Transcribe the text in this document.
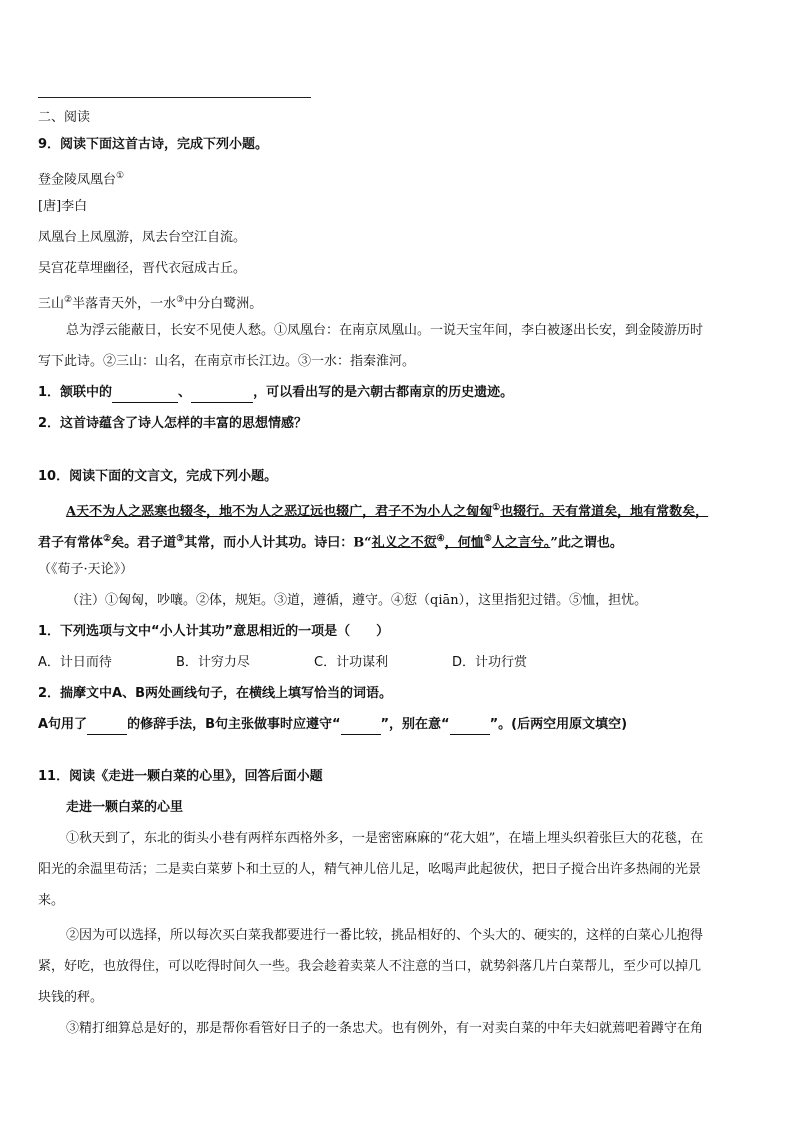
二、阅读
9．阅读下面这首古诗，完成下列小题。
登金陵凤凰台①
[唐]李白
凤凰台上凤凰游，凤去台空江自流。
吴宫花草埋幽径，晋代衣冠成古丘。
三山②半落青天外，一水③中分白鹭洲。
总为浮云能蔽日，长安不见使人愁。①凤凰台：在南京凤凰山。一说天宝年间，李白被逐出长安，到金陵游历时
写下此诗。②三山：山名，在南京市长江边。③一水：指秦淮河。
1．颔联中的	、	，可以看出写的是六朝古都南京的历史遗迹。
2．这首诗蕴含了诗人怎样的丰富的思想情感？
10．阅读下面的文言文，完成下列小题。
A天不为人之恶寒也辍冬，地不为人之恶辽远也辍广，君子不为小人之匈匈①也辍行。天有常道矣，地有常数矣，
君子有常体②矣。君子道③其常，而小人计其功。诗曰：B“礼义之不愆④，何恤⑤人之言兮。”此之谓也。
（《荀子·天论》）
（注）①匈匈，吵嚷。②体，规矩。③道，遵循，遵守。④愆（qiān），这里指犯过错。⑤恤，担忧。
1．下列选项与文中“小人计其功”意思相近的一项是（　　）
A．计日而待	B．计穷力尽	C．计功谋利	D．计功行赏
2．揣摩文中A、B两处画线句子，在横线上填写恰当的词语。
A句用了	的修辞手法，B句主张做事时应遵守“	”，别在意“	”。(后两空用原文填空)
11．阅读《走进一颗白菜的心里》，回答后面小题
走进一颗白菜的心里
①秋天到了，东北的街头小巷有两样东西格外多，一是密密麻麻的“花大姐”，在墙上埋头织着张巨大的花毯，在
阳光的余温里苟活；二是卖白菜萝卜和土豆的人，精气神儿倍儿足，吆喝声此起彼伏，把日子搅合出许多热闹的光景
来。
②因为可以选择，所以每次买白菜我都要进行一番比较，挑品相好的、个头大的、硬实的，这样的白菜心儿抱得
紧，好吃，也放得住，可以吃得时间久一些。我会趁着卖菜人不注意的当口，就势斜落几片白菜帮儿，至少可以掉几
块钱的秤。
③精打细算总是好的，那是帮你看管好日子的一条忠犬。也有例外，有一对卖白菜的中年夫妇就蔫吧着蹲守在角
